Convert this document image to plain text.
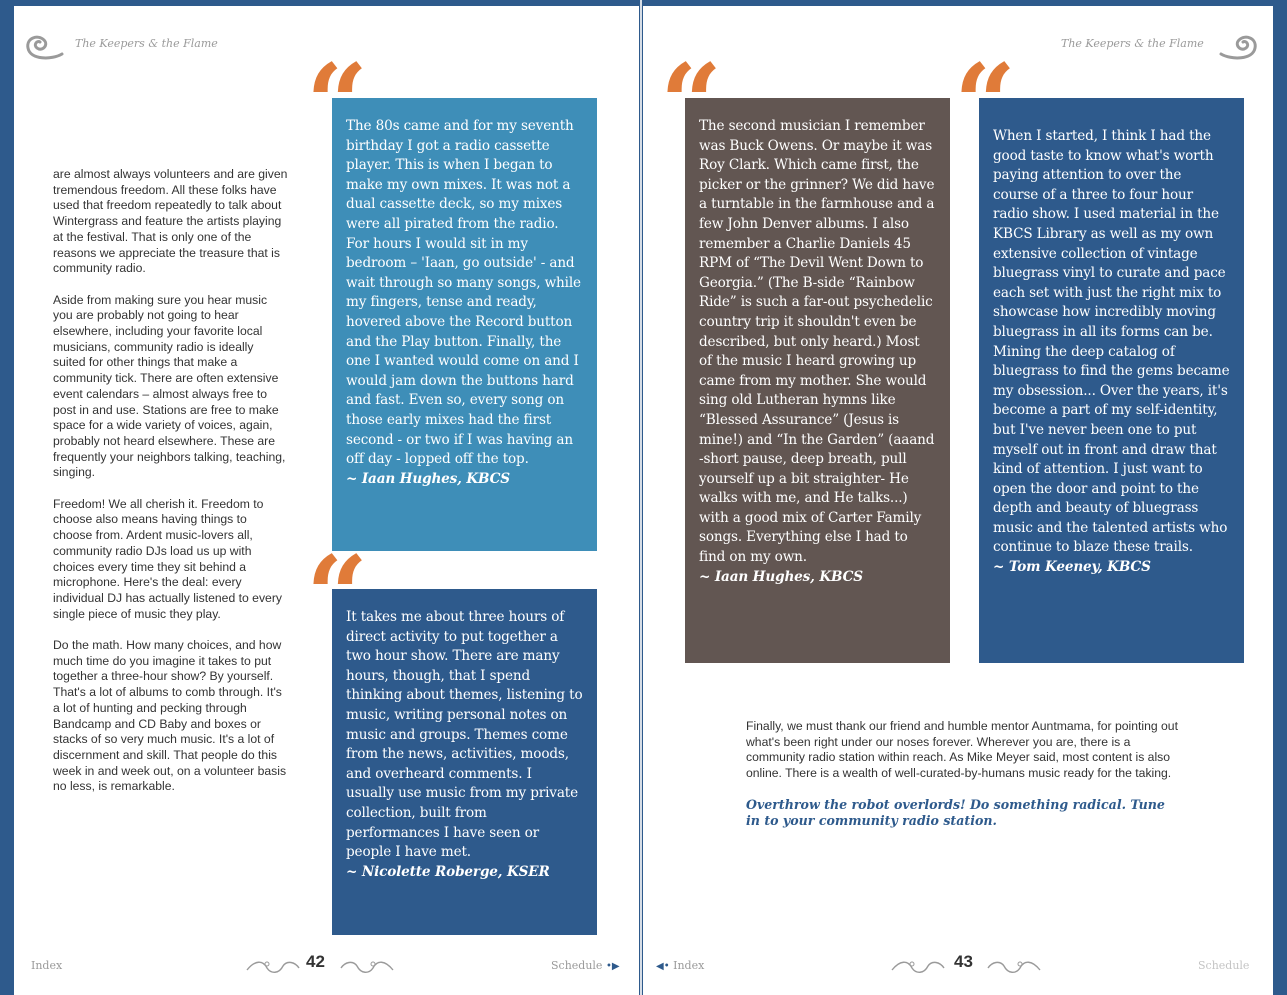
The Keepers & the Flame

are almost always volunteers and are given tremendous freedom. All these folks have used that freedom repeatedly to talk about Wintergrass and feature the artists playing at the festival. That is only one of the reasons we appreciate the treasure that is community radio.

Aside from making sure you hear music you are probably not going to hear elsewhere, including your favorite local musicians, community radio is ideally suited for other things that make a community tick. There are often extensive event calendars – almost always free to post in and use. Stations are free to make space for a wide variety of voices, again, probably not heard elsewhere. These are frequently your neighbors talking, teaching, singing.

Freedom! We all cherish it. Freedom to choose also means having things to choose from. Ardent music-lovers all, community radio DJs load us up with choices every time they sit behind a microphone. Here's the deal: every individual DJ has actually listened to every single piece of music they play.

Do the math. How many choices, and how much time do you imagine it takes to put together a three-hour show? By yourself. That's a lot of albums to comb through. It's a lot of hunting and pecking through Bandcamp and CD Baby and boxes or stacks of so very much music. It's a lot of discernment and skill. That people do this week in and week out, on a volunteer basis no less, is remarkable.

The 80s came and for my seventh birthday I got a radio cassette player. This is when I began to make my own mixes. It was not a dual cassette deck, so my mixes were all pirated from the radio. For hours I would sit in my bedroom – 'Iaan, go outside' - and wait through so many songs, while my fingers, tense and ready, hovered above the Record button and the Play button. Finally, the one I wanted would come on and I would jam down the buttons hard and fast. Even so, every song on those early mixes had the first second - or two if I was having an off day - lopped off the top.

~ Iaan Hughes, KBCS

“

It takes me about three hours of direct activity to put together a two hour show. There are many hours, though, that I spend thinking about themes, listening to music, writing personal notes on music and groups. Themes come from the news, activities, moods, and overheard comments. I usually use music from my private collection, built from performances I have seen or people I have met.

~ Nicolette Roberge, KSER

“
Index	42	Schedule •▶
The Keepers & the Flame

The second musician I remember was Buck Owens. Or maybe it was Roy Clark. Which came first, the picker or the grinner? We did have a turntable in the farmhouse and a few John Denver albums. I also remember a Charlie Daniels 45 RPM of “The Devil Went Down to Georgia.” (The B-side “Rainbow Ride” is such a far-out psychedelic country trip it shouldn't even be described, but only heard.) Most of the music I heard growing up came from my mother. She would sing old Lutheran hymns like “Blessed Assurance” (Jesus is mine!) and “In the Garden” (aaand -short pause, deep breath, pull yourself up a bit straighter- He walks with me, and He talks...) with a good mix of Carter Family songs. Everything else I had to find on my own.

~ Iaan Hughes, KBCS

“	When I started, I think I had the good taste to know what's worth paying attention to over the course of a three to four hour radio show. I used material in the KBCS Library as well as my own extensive collection of vintage bluegrass vinyl to curate and pace each set with just the right mix to showcase how incredibly moving bluegrass in all its forms can be. Mining the deep catalog of bluegrass to find the gems became my obsession... Over the years, it's become a part of my self-identity, but I've never been one to put myself out in front and draw that kind of attention. I just want to open the door and point to the depth and beauty of bluegrass music and the talented artists who continue to blaze these trails.

~ Tom Keeney, KBCS

“

Finally, we must thank our friend and humble mentor Auntmama, for pointing out what's been right under our noses forever. Wherever you are, there is a community radio station within reach. As Mike Meyer said, most content is also online. There is a wealth of well-curated-by-humans music ready for the taking.

Overthrow the robot overlords! Do something radical. Tune in to your community radio station.

◀• Index	43	Schedule
